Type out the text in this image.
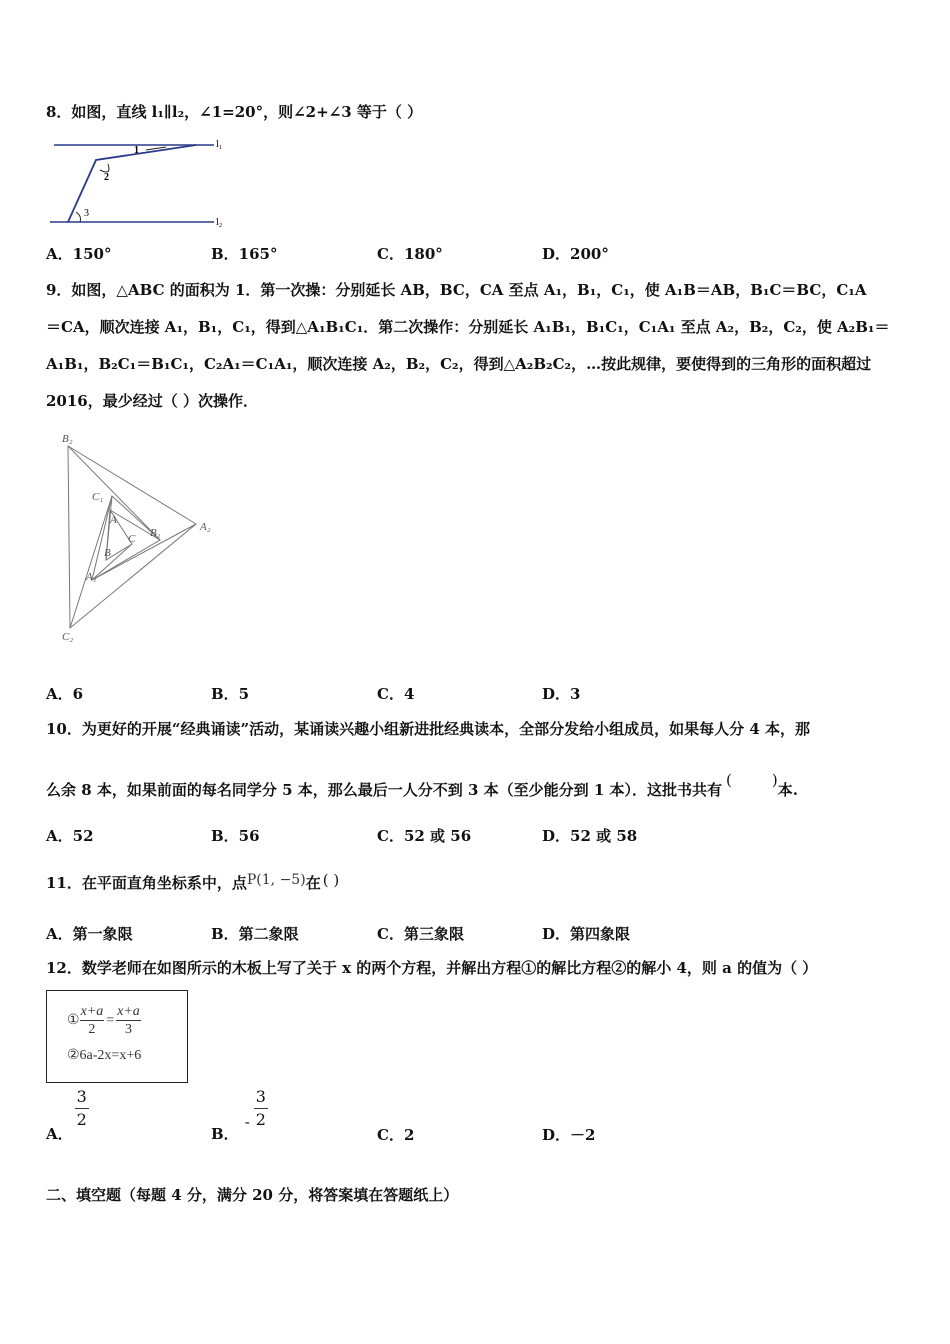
8．如图，直线 l₁∥l₂，∠1=20°，则∠2+∠3 等于（ ）
1
2
3
l₁
l₂
A．150°	B．165°	C．180°	D．200°
9．如图，△ABC 的面积为 1．第一次操：分别延长 AB，BC，CA 至点 A₁，B₁，C₁，使 A₁B＝AB，B₁C＝BC，C₁A
＝CA，顺次连接 A₁，B₁，C₁，得到△A₁B₁C₁．第二次操作：分别延长 A₁B₁，B₁C₁，C₁A₁ 至点 A₂，B₂，C₂，使 A₂B₁＝
A₁B₁，B₂C₁＝B₁C₁，C₂A₁＝C₁A₁，顺次连接 A₂，B₂，C₂，得到△A₂B₂C₂，…按此规律，要使得到的三角形的面积超过
2016，最少经过（ ）次操作．
B₂
C₁
A
C B₁	A₂
B
A₁
C₂
A．6	B．5	C．4	D．3
10．为更好的开展“经典诵读”活动，某诵读兴趣小组新进批经典读本，全部分发给小组成员，如果每人分 4 本，那
么余 8 本，如果前面的每名同学分 5 本，那么最后一人分不到 3 本（至少能分到 1 本）．这批书共有(	)本.
A．52	B．56	C．52 或 56	D．52 或 58
11．在平面直角坐标系中，点P(1, −5)在 ( )
A．第一象限	B．第二象限	C．第三象限	D．第四象限
12．数学老师在如图所示的木板上写了关于 x 的两个方程，并解出方程①的解比方程②的解小 4，则 a 的值为（ ）
① $\frac{x+a}{2} = \frac{x+a}{3}$
②6a-2x=x+6
A．
$\frac{3}{2}$
B．- $\frac{3}{2}$
C．2	D．－2
二、填空题（每题 4 分，满分 20 分，将答案填在答题纸上）
